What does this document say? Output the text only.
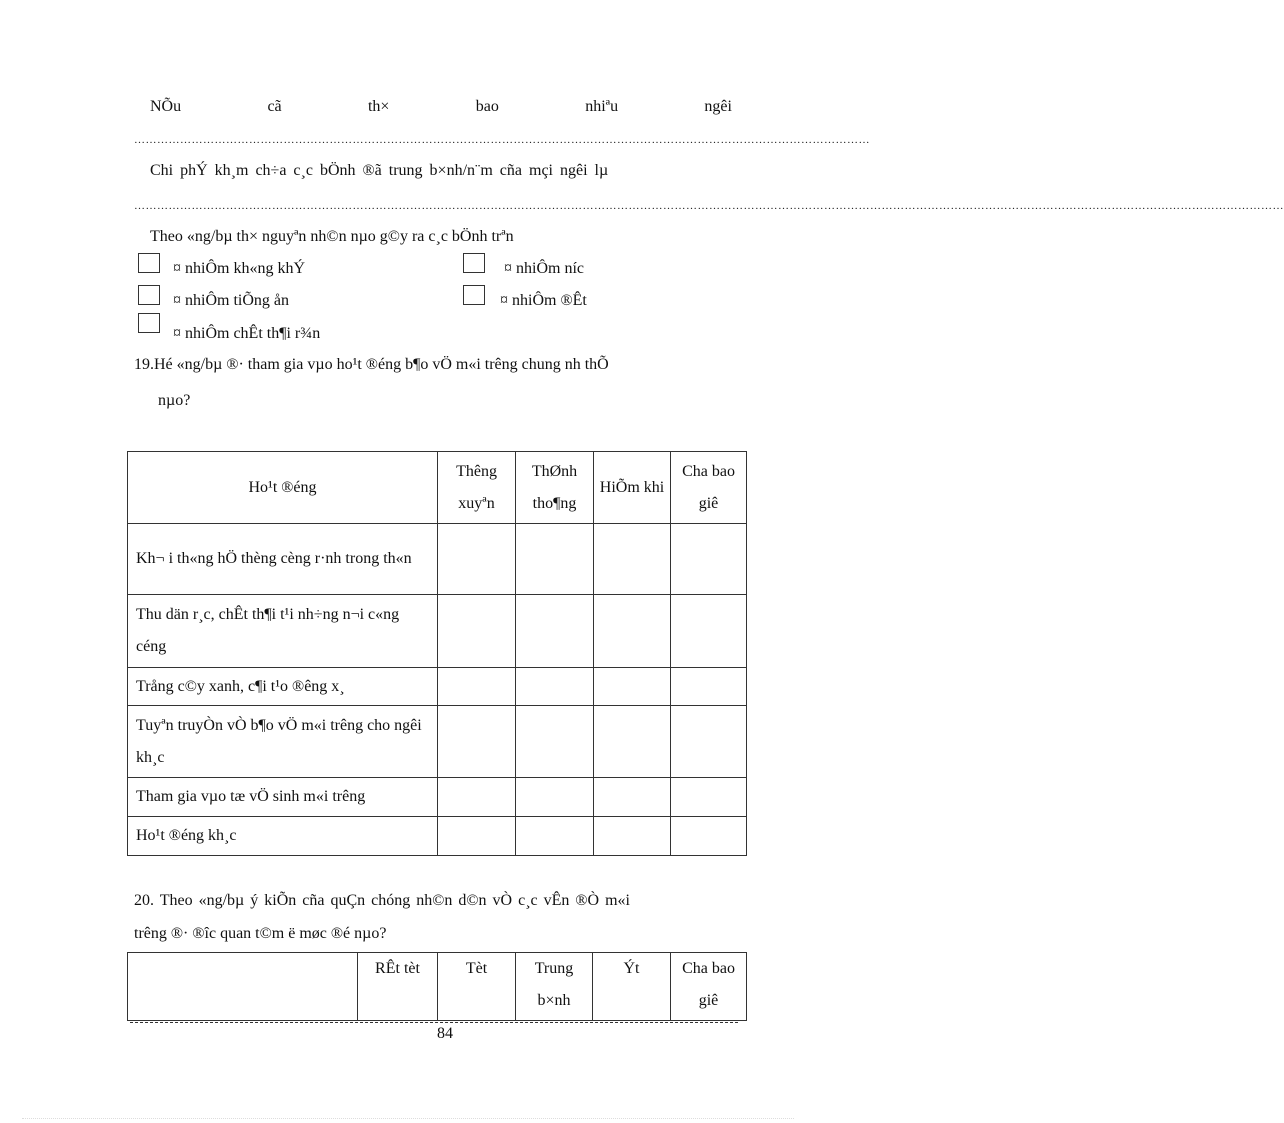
NÕu	cã	th×	bao	nhiªu	ngêi
…………………………………………………………………………………………………………………………………………………………………………
Chi phÝ kh¸m ch÷a c¸c bÖnh ®ã trung b×nh/n¨m cña mçi ngêi lµ
…………………………………………………………………………………………………………………………………………………………………………………………………………………………………………………………………………
Theo «ng/bµ th× nguyªn nh©n nµo g©y ra c¸c bÖnh trªn
¤ nhiÔm kh«ng khÝ	¤ nhiÔm níc
¤ nhiÔm tiÕng ån	¤ nhiÔm ®Êt
¤ nhiÔm chÊt th¶i r¾n
19.Hé «ng/bµ ®· tham gia vµo ho¹t ®éng b¶o vÖ m«i trêng chung nh thÕ
nµo?
Ho¹t ®éng	Thêng xuyªn	ThØnh tho¶ng	HiÕm khi	Cha bao giê
Kh¬ i th«ng hÖ thèng cèng r·nh trong th«n				
Thu dän r¸c, chÊt th¶i t¹i nh÷ng n¬i c«ng céng				
Trång c©y xanh, c¶i t¹o ®êng x¸				
Tuyªn truyÒn vÒ b¶o vÖ m«i trêng cho ngêi kh¸c				
Tham gia vµo tæ vÖ sinh m«i trêng				
Ho¹t ®éng kh¸c				
20. Theo «ng/bµ ý kiÕn cña quÇn chóng nh©n d©n vÒ c¸c vÊn ®Ò m«i
trêng ®· ®îc quan t©m ë møc ®é nµo?
	RÊt tèt	Tèt	Trung b×nh	Ýt	Cha bao giê
84
